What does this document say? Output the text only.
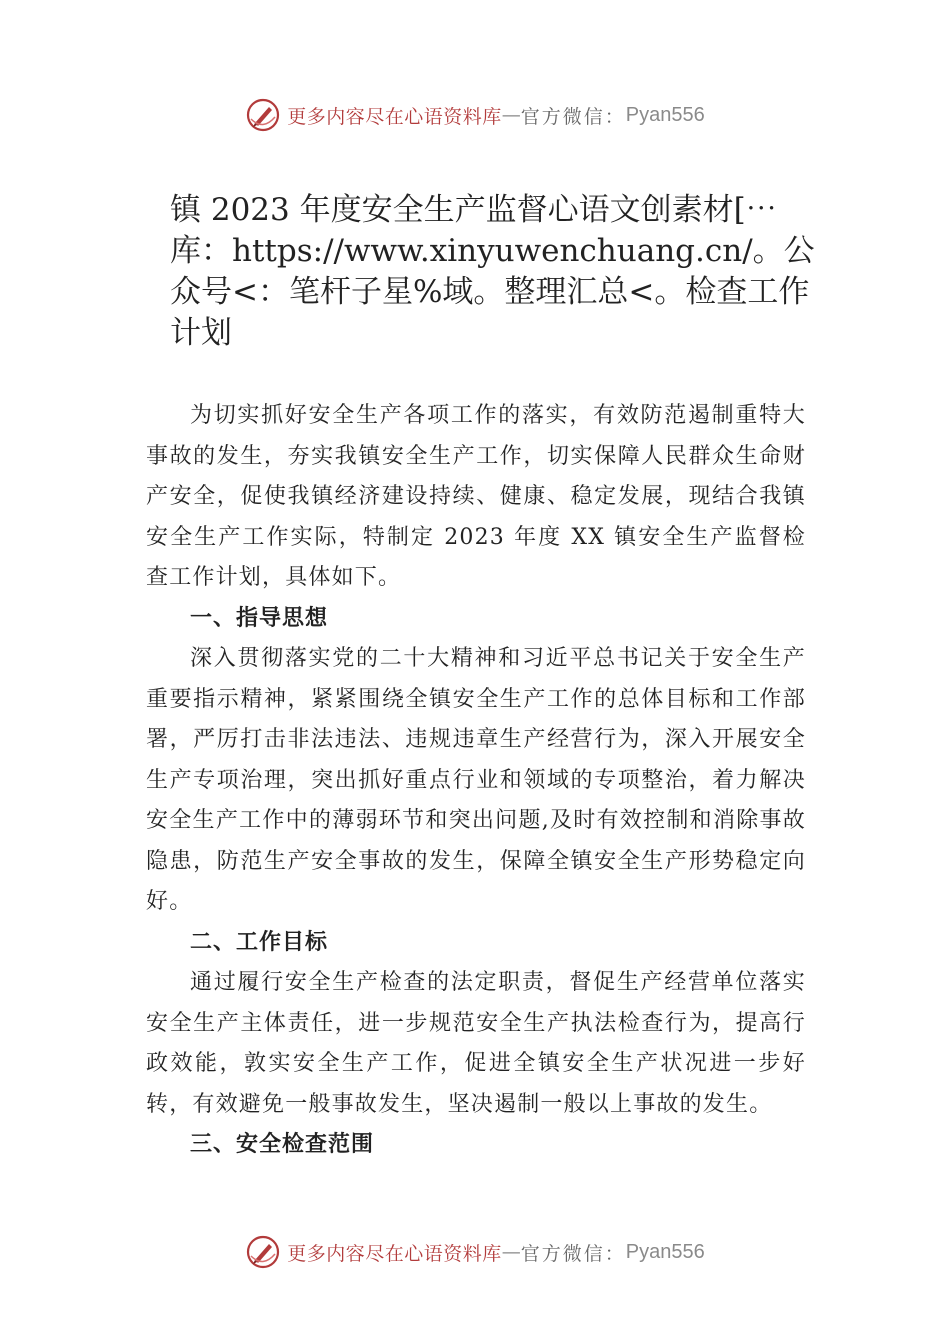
更多内容尽在心语资料库 — 官方微信： Pyan556
镇 2023 年度安全生产监督心语文创素材[⋯库：https://www.xinyuwenchuang.cn/。公众号<：笔杆子星%域。整理汇总<。检查工作计划

为切实抓好安全生产各项工作的落实，有效防范遏制重特大事故的发生，夯实我镇安全生产工作，切实保障人民群众生命财产安全，促使我镇经济建设持续、健康、稳定发展，现结合我镇安全生产工作实际，特制定 2023 年度 XX 镇安全生产监督检查工作计划，具体如下。

一、指导思想

深入贯彻落实党的二十大精神和习近平总书记关于安全生产重要指示精神，紧紧围绕全镇安全生产工作的总体目标和工作部署，严厉打击非法违法、违规违章生产经营行为，深入开展安全生产专项治理，突出抓好重点行业和领域的专项整治，着力解决安全生产工作中的薄弱环节和突出问题,及时有效控制和消除事故隐患，防范生产安全事故的发生，保障全镇安全生产形势稳定向好。

二、工作目标

通过履行安全生产检查的法定职责，督促生产经营单位落实安全生产主体责任，进一步规范安全生产执法检查行为，提高行政效能，敦实安全生产工作，促进全镇安全生产状况进一步好转，有效避免一般事故发生，坚决遏制一般以上事故的发生。

三、安全检查范围

更多内容尽在心语资料库 — 官方微信： Pyan556
